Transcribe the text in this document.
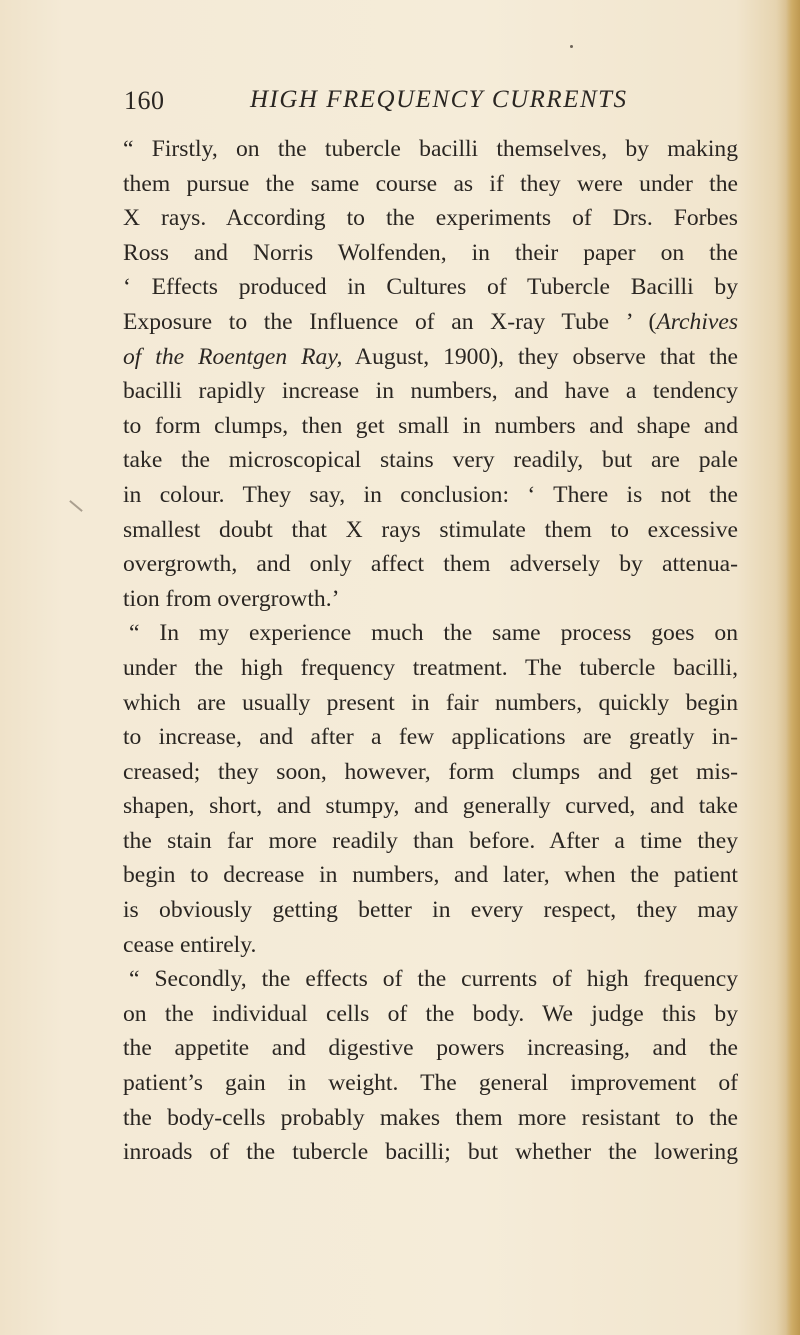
160	HIGH FREQUENCY CURRENTS
“ Firstly, on the tubercle bacilli themselves, by making
them pursue the same course as if they were under the
X rays. According to the experiments of Drs. Forbes
Ross and Norris Wolfenden, in their paper on the
‘ Effects produced in Cultures of Tubercle Bacilli by
Exposure to the Influence of an X-ray Tube ’ (Archives
of the Roentgen Ray, August, 1900), they observe that the
bacilli rapidly increase in numbers, and have a tendency
to form clumps, then get small in numbers and shape and
take the microscopical stains very readily, but are pale
in colour. They say, in conclusion: ‘ There is not the
smallest doubt that X rays stimulate them to excessive
overgrowth, and only affect them adversely by attenua-
tion from overgrowth.’
“ In my experience much the same process goes on
under the high frequency treatment. The tubercle bacilli,
which are usually present in fair numbers, quickly begin
to increase, and after a few applications are greatly in-
creased; they soon, however, form clumps and get mis-
shapen, short, and stumpy, and generally curved, and take
the stain far more readily than before. After a time they
begin to decrease in numbers, and later, when the patient
is obviously getting better in every respect, they may
cease entirely.
“ Secondly, the effects of the currents of high frequency
on the individual cells of the body. We judge this by
the appetite and digestive powers increasing, and the
patient’s gain in weight. The general improvement of
the body-cells probably makes them more resistant to the
inroads of the tubercle bacilli; but whether the lowering
